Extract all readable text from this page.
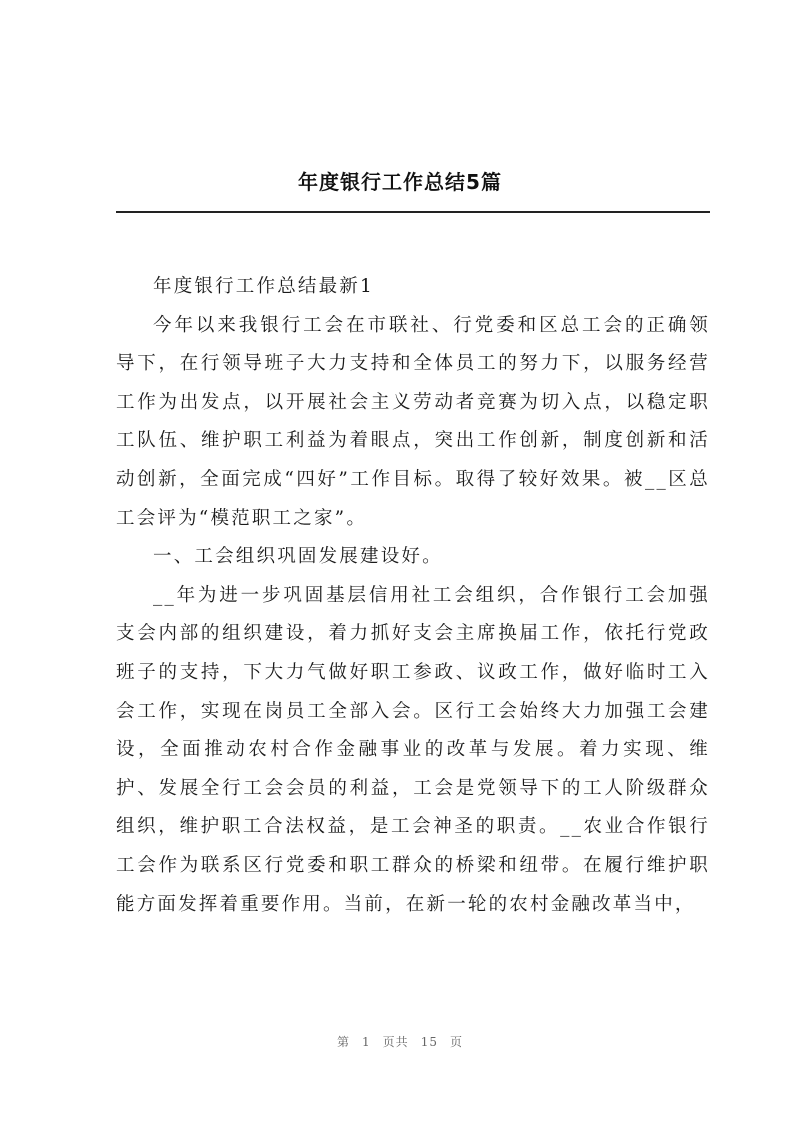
年度银行工作总结5篇

年度银行工作总结最新1

今年以来我银行工会在市联社、行党委和区总工会的正确领导下，在行领导班子大力支持和全体员工的努力下，以服务经营工作为出发点，以开展社会主义劳动者竞赛为切入点，以稳定职工队伍、维护职工利益为着眼点，突出工作创新，制度创新和活动创新，全面完成“四好”工作目标。取得了较好效果。被__区总工会评为“模范职工之家”。

一、工会组织巩固发展建设好。

__年为进一步巩固基层信用社工会组织，合作银行工会加强支会内部的组织建设，着力抓好支会主席换届工作，依托行党政班子的支持，下大力气做好职工参政、议政工作，做好临时工入会工作，实现在岗员工全部入会。区行工会始终大力加强工会建设，全面推动农村合作金融事业的改革与发展。着力实现、维护、发展全行工会会员的利益，工会是党领导下的工人阶级群众组织，维护职工合法权益，是工会神圣的职责。__农业合作银行工会作为联系区行党委和职工群众的桥梁和纽带。在履行维护职能方面发挥着重要作用。当前，在新一轮的农村金融改革当中，

第 1 页共 15 页
